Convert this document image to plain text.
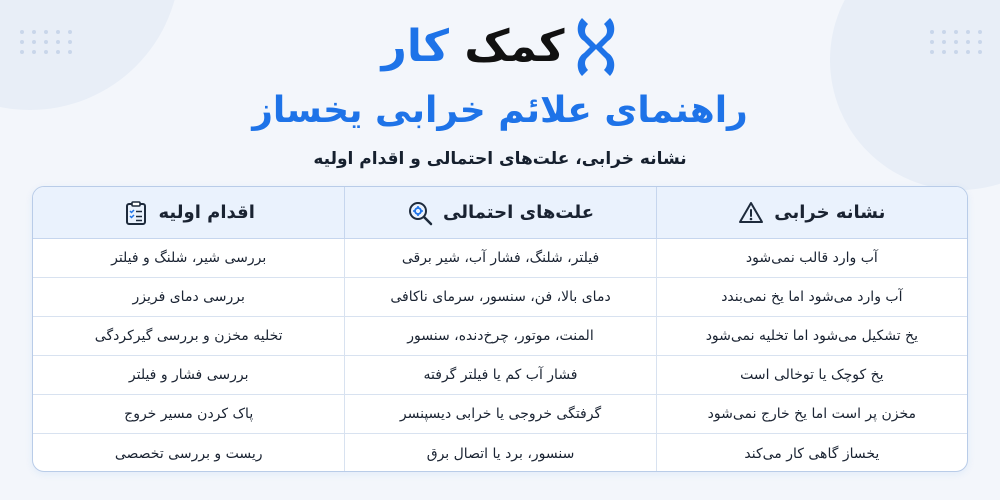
کمک کار
راهنمای علائم خرابی یخساز
نشانه خرابی، علت‌های احتمالی و اقدام اولیه
نشانه خرابی
علت‌های احتمالی
اقدام اولیه
آب وارد قالب نمی‌شود
فیلتر، شلنگ، فشار آب، شیر برقی
بررسی شیر، شلنگ و فیلتر
آب وارد می‌شود اما یخ نمی‌بندد
دمای بالا، فن، سنسور، سرمای ناکافی
بررسی دمای فریزر
یخ تشکیل می‌شود اما تخلیه نمی‌شود
المنت، موتور، چرخ‌دنده، سنسور
تخلیه مخزن و بررسی گیرکردگی
یخ کوچک یا توخالی است
فشار آب کم یا فیلتر گرفته
بررسی فشار و فیلتر
مخزن پر است اما یخ خارج نمی‌شود
گرفتگی خروجی یا خرابی دیسپنسر
پاک کردن مسیر خروج
یخساز گاهی کار می‌کند
سنسور، برد یا اتصال برق
ریست و بررسی تخصصی
